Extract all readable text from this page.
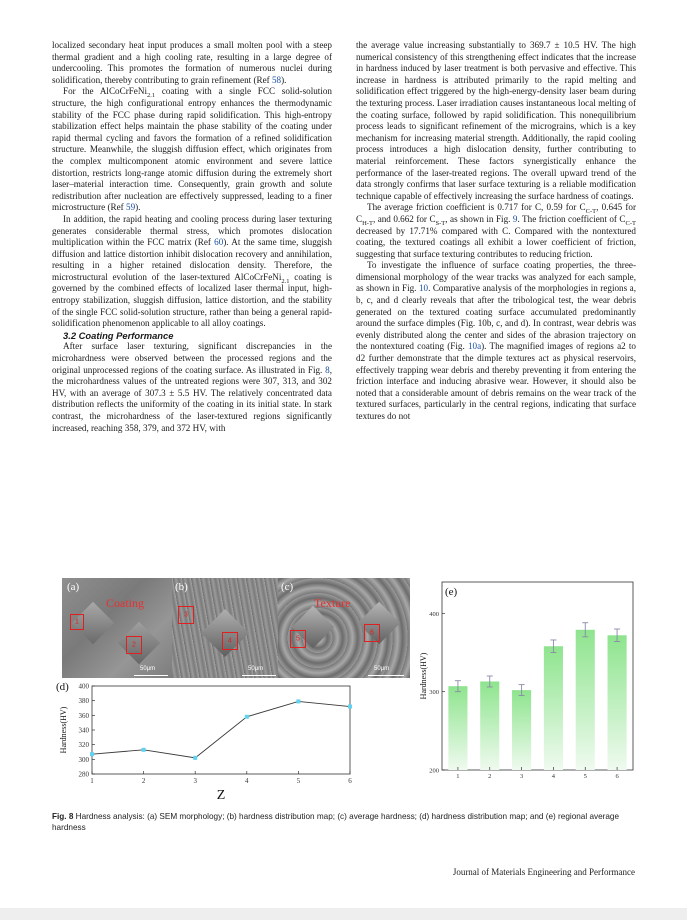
localized secondary heat input produces a small molten pool with a steep thermal gradient and a high cooling rate, resulting in a large degree of undercooling. This promotes the formation of numerous nuclei during solidification, thereby contributing to grain refinement (Ref 58).

For the AlCoCrFeNi$_{2.1}$ coating with a single FCC solid-solution structure, the high configurational entropy enhances the thermodynamic stability of the FCC phase during rapid solidification. This high-entropy stabilization effect helps maintain the phase stability of the coating under rapid thermal cycling and favors the formation of a refined solidification structure. Meanwhile, the sluggish diffusion effect, which originates from the complex multicomponent atomic environment and severe lattice distortion, restricts long-range atomic diffusion during the extremely short laser–material interaction time. Consequently, grain growth and solute redistribution after nucleation are effectively suppressed, leading to a finer microstructure (Ref 59).

In addition, the rapid heating and cooling process during laser texturing generates considerable thermal stress, which promotes dislocation multiplication within the FCC matrix (Ref 60). At the same time, sluggish diffusion and lattice distortion inhibit dislocation recovery and annihilation, resulting in a higher retained dislocation density. Therefore, the microstructural evolution of the laser-textured AlCoCrFeNi$_{2.1}$ coating is governed by the combined effects of localized laser thermal input, high-entropy stabilization, sluggish diffusion, lattice distortion, and the stability of the single FCC solid-solution structure, rather than being a general rapid-solidification phenomenon applicable to all alloy coatings.

3.2 Coating Performance

After surface laser texturing, significant discrepancies in the microhardness were observed between the processed regions and the original unprocessed regions of the coating surface. As illustrated in Fig. 8, the microhardness values of the untreated regions were 307, 313, and 302 HV, with an average of 307.3 ± 5.5 HV. The relatively concentrated data distribution reflects the uniformity of the coating in its initial state. In stark contrast, the microhardness of the laser-textured regions significantly increased, reaching 358, 379, and 372 HV, with

the average value increasing substantially to 369.7 ± 10.5 HV. The high numerical consistency of this strengthening effect indicates that the increase in hardness induced by laser treatment is both pervasive and effective. This increase in hardness is attributed primarily to the rapid melting and solidification effect triggered by the high-energy-density laser beam during the texturing process. Laser irradiation causes instantaneous local melting of the coating surface, followed by rapid solidification. This nonequilibrium process leads to significant refinement of the micrograins, which is a key mechanism for increasing material strength. Additionally, the rapid cooling process introduces a high dislocation density, further contributing to material reinforcement. These factors synergistically enhance the performance of the laser-treated regions. The overall upward trend of the data strongly confirms that laser surface texturing is a reliable modification technique capable of effectively increasing the surface hardness of coatings.

The average friction coefficient is 0.717 for C, 0.59 for $C_{C-T}$, 0.645 for $C_{H-T}$, and 0.662 for $C_{S-T}$, as shown in Fig. 9. The friction coefficient of $C_{C-T}$ decreased by 17.71% compared with C. Compared with the nontextured coating, the textured coatings all exhibit a lower coefficient of friction, suggesting that surface texturing contributes to reducing friction.

To investigate the influence of surface coating properties, the three-dimensional morphology of the wear tracks was analyzed for each sample, as shown in Fig. 10. Comparative analysis of the morphologies in regions a, b, c, and d clearly reveals that after the tribological test, the wear debris generated on the textured coating surface accumulated predominantly around the surface dimples (Fig. 10b, c, and d). In contrast, wear debris was evenly distributed along the center and sides of the abrasion trajectory on the nontextured coating (Fig. 10a). The magnified images of regions a2 to d2 further demonstrate that the dimple textures act as physical reservoirs, effectively trapping wear debris and thereby preventing it from entering the friction interface and inducing abrasive wear. However, it should also be noted that a considerable amount of debris remains on the wear track of the textured surfaces, particularly in the central regions, indicating that surface textures do not

(a)	(b)	(c)
Coating	Texture
1
2
3
4	5
6
50μm	50μm	50μm
(d)
280
300
320
340
360
380
400
1	2	3	4	5	6
Z
Hardness(HV)
(e)
200
300
400
Hardness(HV)
1	2	3	4	5	6
Fig. 8 Hardness analysis: (a) SEM morphology; (b) hardness distribution map; (c) average hardness; (d) hardness distribution map; and (e) regional average hardness
Journal of Materials Engineering and Performance
